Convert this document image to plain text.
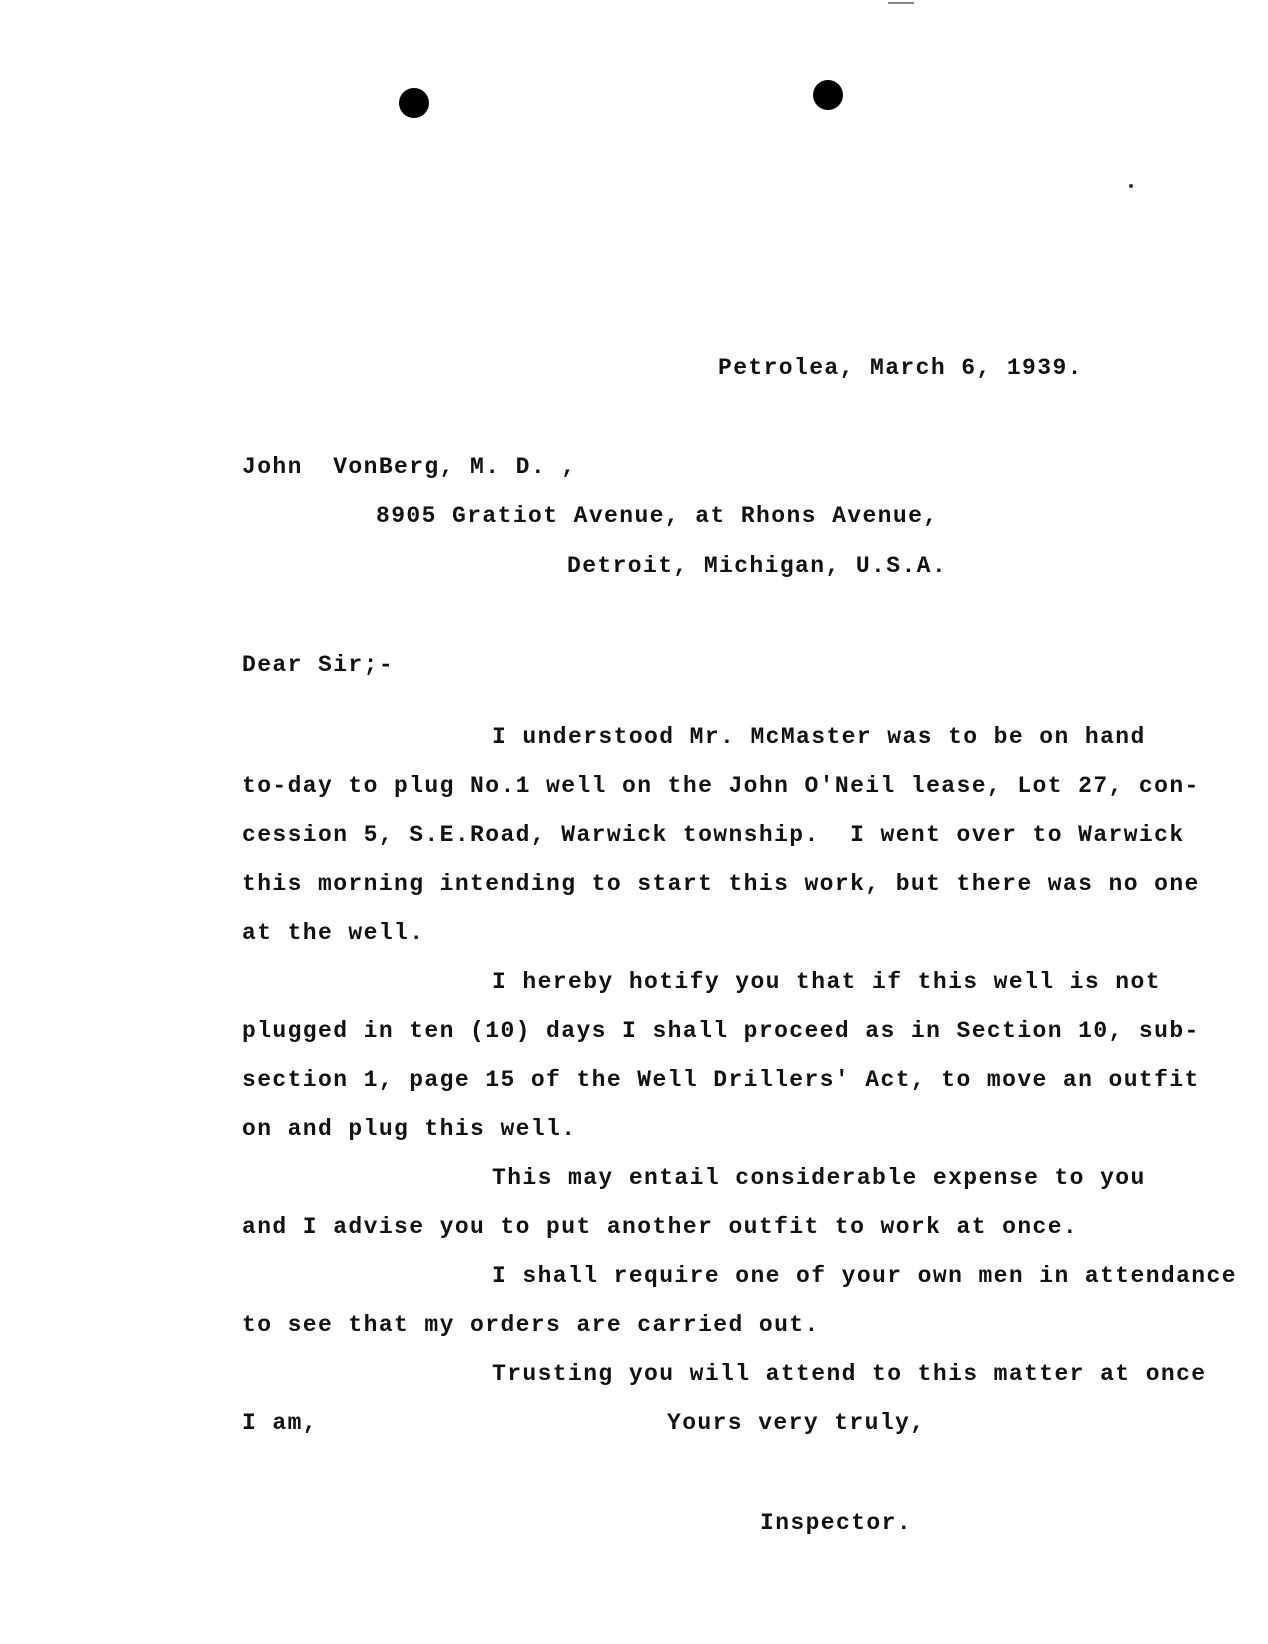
Petrolea, March 6, 1939.
John  VonBerg, M. D. ,
8905 Gratiot Avenue, at Rhons Avenue,
Detroit, Michigan, U.S.A.
Dear Sir;-
I understood Mr. McMaster was to be on hand
to-day to plug No.1 well on the John O'Neil lease, Lot 27, con-
cession 5, S.E.Road, Warwick township.  I went over to Warwick
this morning intending to start this work, but there was no one
at the well.
I hereby hotify you that if this well is not
plugged in ten (10) days I shall proceed as in Section 10, sub-
section 1, page 15 of the Well Drillers' Act, to move an outfit
on and plug this well.
This may entail considerable expense to you
and I advise you to put another outfit to work at once.
I shall require one of your own men in attendance
to see that my orders are carried out.
Trusting you will attend to this matter at once
I am,	Yours very truly,
Inspector.
